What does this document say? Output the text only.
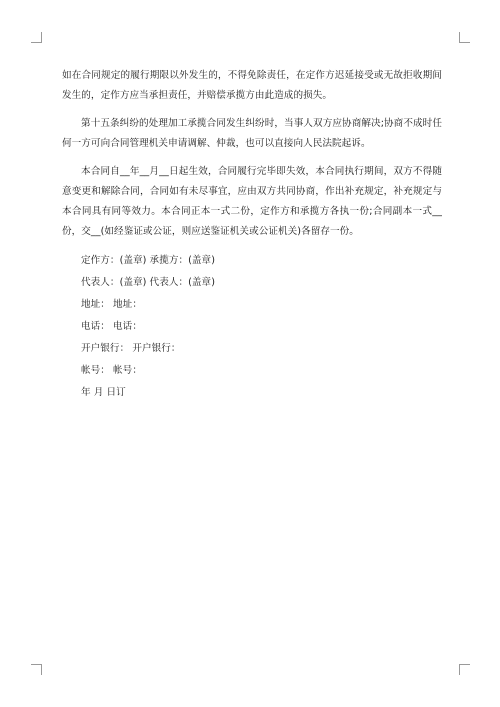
如在合同规定的履行期限以外发生的，不得免除责任，在定作方迟延接受或无故拒收期间发生的，定作方应当承担责任，并赔偿承揽方由此造成的损失。

第十五条纠纷的处理加工承揽合同发生纠纷时，当事人双方应协商解决;协商不成时任何一方可向合同管理机关申请调解、仲裁，也可以直接向人民法院起诉。

本合同自__年__月__日起生效，合同履行完毕即失效，本合同执行期间，双方不得随意变更和解除合同，合同如有未尽事宜，应由双方共同协商，作出补充规定，补充规定与本合同具有同等效力。本合同正本一式二份，定作方和承揽方各执一份;合同副本一式__份，交__(如经鉴证或公证，则应送鉴证机关或公证机关)各留存一份。

定作方：(盖章) 承揽方：(盖章)

代表人：(盖章) 代表人：(盖章)

地址： 地址：

电话： 电话：

开户银行： 开户银行：

帐号： 帐号：

年 月 日订
